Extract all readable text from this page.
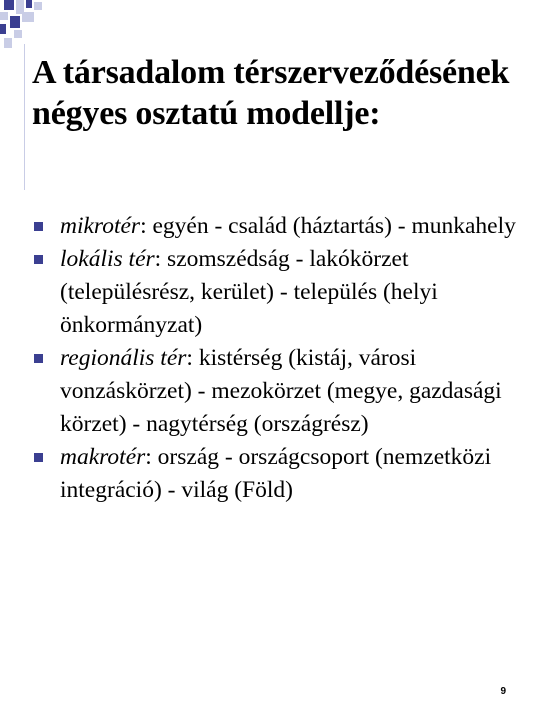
A társadalom térszerveződésének négyes osztatú modellje:
mikrotér: egyén - család (háztartás) - munkahely
lokális tér: szomszédság - lakókörzet (településrész, kerület) - település (helyi önkormányzat)
regionális tér: kistérség (kistáj, városi vonzáskörzet) - mezokörzet (megye, gazdasági körzet) - nagytérség (országrész)
makrotér: ország - országcsoport (nemzetközi integráció) - világ (Föld)
9
